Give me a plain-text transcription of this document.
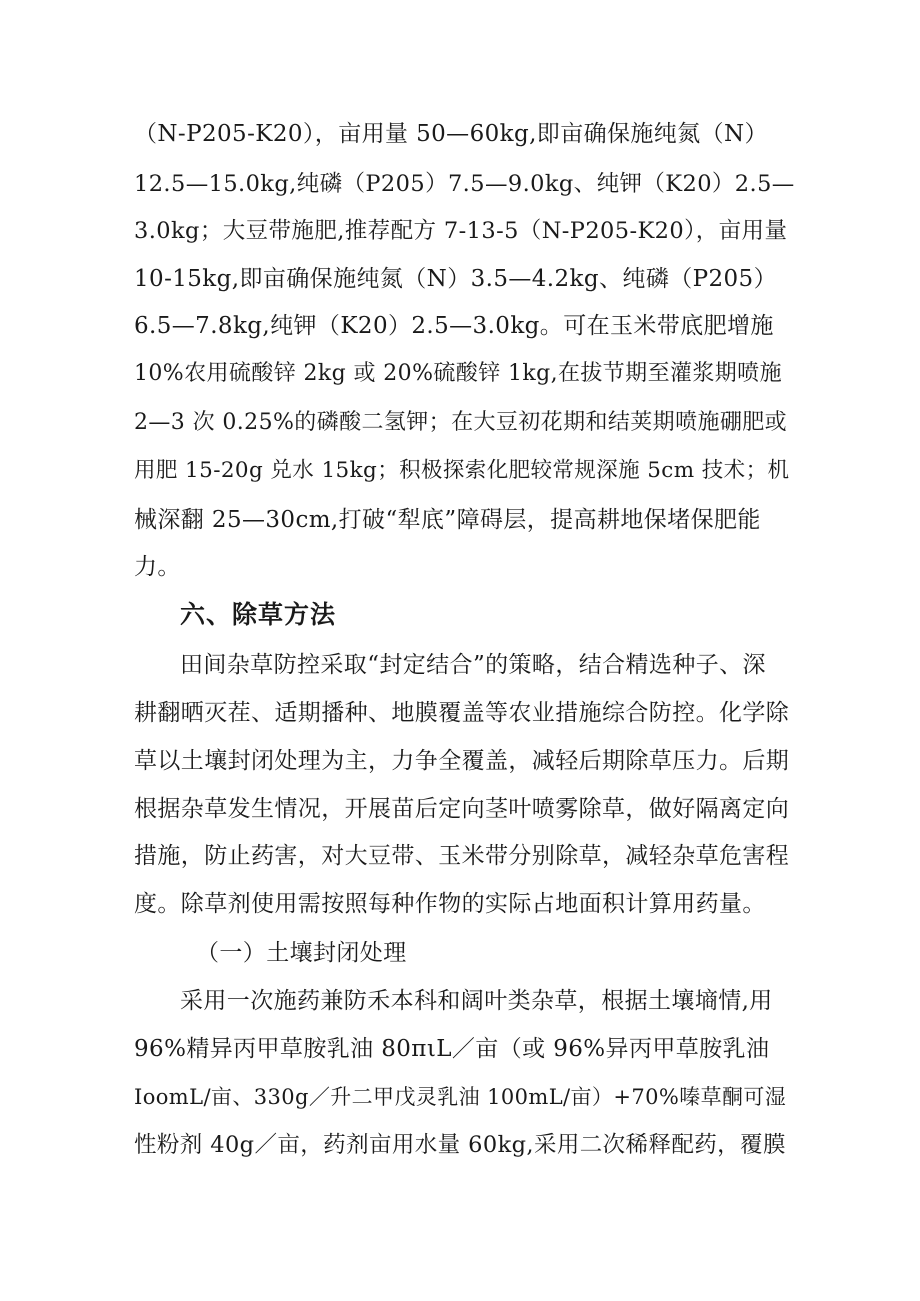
（N-P205-K20），亩用量 50—60kg,即亩确保施纯氮（N）
12.5—15.0kg,纯磷（P205）7.5—9.0kg、纯钾（K20）2.5—
3.0kg；大豆带施肥,推荐配方 7-13-5（N-P205-K20），亩用量
10-15kg,即亩确保施纯氮（N）3.5—4.2kg、纯磷（P205）
6.5—7.8kg,纯钾（K20）2.5—3.0kg。可在玉米带底肥增施
10%农用硫酸锌 2kg 或 20%硫酸锌 1kg,在拔节期至灌浆期喷施
2—3 次 0.25%的磷酸二氢钾；在大豆初花期和结荚期喷施硼肥或
用肥 15-20g 兑水 15kg；积极探索化肥较常规深施 5cm 技术；机
械深翻 25—30cm,打破“犁底”障碍层，提高耕地保堵保肥能
力。
六、除草方法
田间杂草防控采取“封定结合”的策略，结合精选种子、深
耕翻晒灭茬、适期播种、地膜覆盖等农业措施综合防控。化学除
草以土壤封闭处理为主，力争全覆盖，减轻后期除草压力。后期
根据杂草发生情况，开展苗后定向茎叶喷雾除草，做好隔离定向
措施，防止药害，对大豆带、玉米带分别除草，减轻杂草危害程
度。除草剂使用需按照每种作物的实际占地面积计算用药量。
（一）土壤封闭处理
采用一次施药兼防禾本科和阔叶类杂草，根据土壤墒情,用
96%精异丙甲草胺乳油 80πιL／亩（或 96%异丙甲草胺乳油
IoomL/亩、330g／升二甲戊灵乳油 100mL/亩）+70%嗪草酮可湿
性粉剂 40g／亩，药剂亩用水量 60kg,采用二次稀释配药，覆膜
